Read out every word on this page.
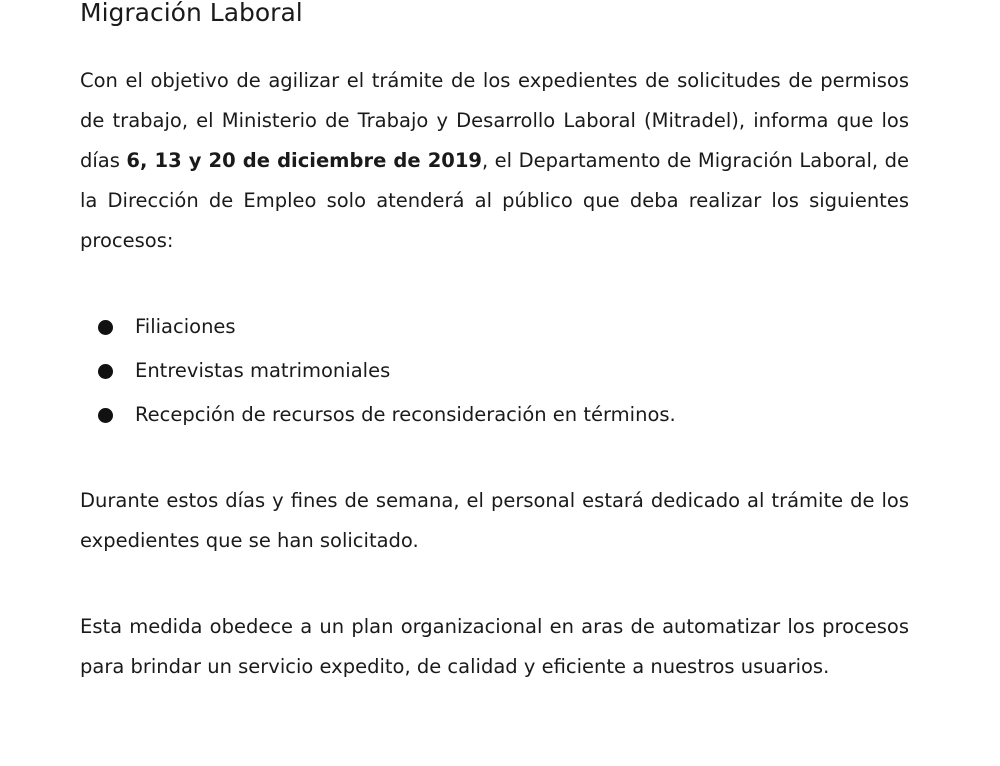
Migración Laboral

Con el objetivo de agilizar el trámite de los expedientes de solicitudes de permisos de trabajo, el Ministerio de Trabajo y Desarrollo Laboral (Mitradel), informa que los días 6, 13 y 20 de diciembre de 2019, el Departamento de Migración Laboral, de la Dirección de Empleo solo atenderá al público que deba realizar los siguientes procesos:

Filiaciones
Entrevistas matrimoniales
Recepción de recursos de reconsideración en términos.

Durante estos días y fines de semana, el personal estará dedicado al trámite de los expedientes que se han solicitado.

Esta medida obedece a un plan organizacional en aras de automatizar los procesos para brindar un servicio expedito, de calidad y eficiente a nuestros usuarios.
